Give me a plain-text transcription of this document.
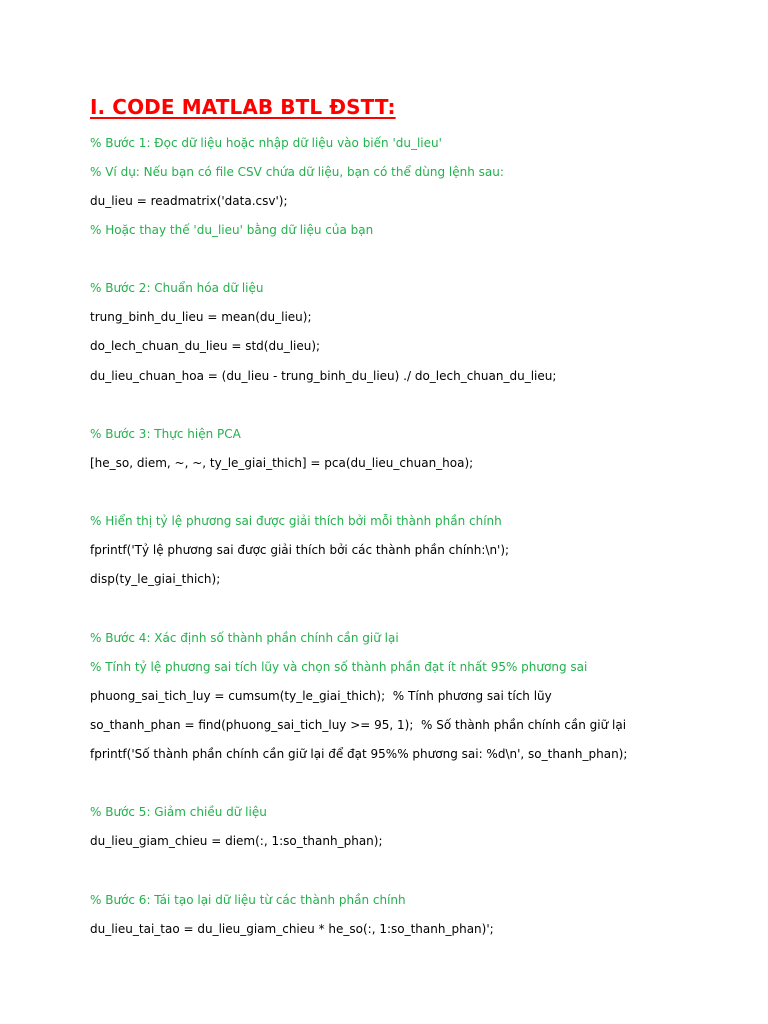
I. CODE MATLAB BTL ĐSTT:
% Bước 1: Đọc dữ liệu hoặc nhập dữ liệu vào biến 'du_lieu'
% Ví dụ: Nếu bạn có file CSV chứa dữ liệu, bạn có thể dùng lệnh sau:
du_lieu = readmatrix('data.csv');
% Hoặc thay thế 'du_lieu' bằng dữ liệu của bạn
% Bước 2: Chuẩn hóa dữ liệu
trung_binh_du_lieu = mean(du_lieu);
do_lech_chuan_du_lieu = std(du_lieu);
du_lieu_chuan_hoa = (du_lieu - trung_binh_du_lieu) ./ do_lech_chuan_du_lieu;
% Bước 3: Thực hiện PCA
[he_so, diem, ~, ~, ty_le_giai_thich] = pca(du_lieu_chuan_hoa);
% Hiển thị tỷ lệ phương sai được giải thích bởi mỗi thành phần chính
fprintf('Tỷ lệ phương sai được giải thích bởi các thành phần chính:\n');
disp(ty_le_giai_thich);
% Bước 4: Xác định số thành phần chính cần giữ lại
% Tính tỷ lệ phương sai tích lũy và chọn số thành phần đạt ít nhất 95% phương sai
phuong_sai_tich_luy = cumsum(ty_le_giai_thich);  % Tính phương sai tích lũy
so_thanh_phan = find(phuong_sai_tich_luy >= 95, 1);  % Số thành phần chính cần giữ lại
fprintf('Số thành phần chính cần giữ lại để đạt 95%% phương sai: %d\n', so_thanh_phan);
% Bước 5: Giảm chiều dữ liệu
du_lieu_giam_chieu = diem(:, 1:so_thanh_phan);
% Bước 6: Tái tạo lại dữ liệu từ các thành phần chính
du_lieu_tai_tao = du_lieu_giam_chieu * he_so(:, 1:so_thanh_phan)';
